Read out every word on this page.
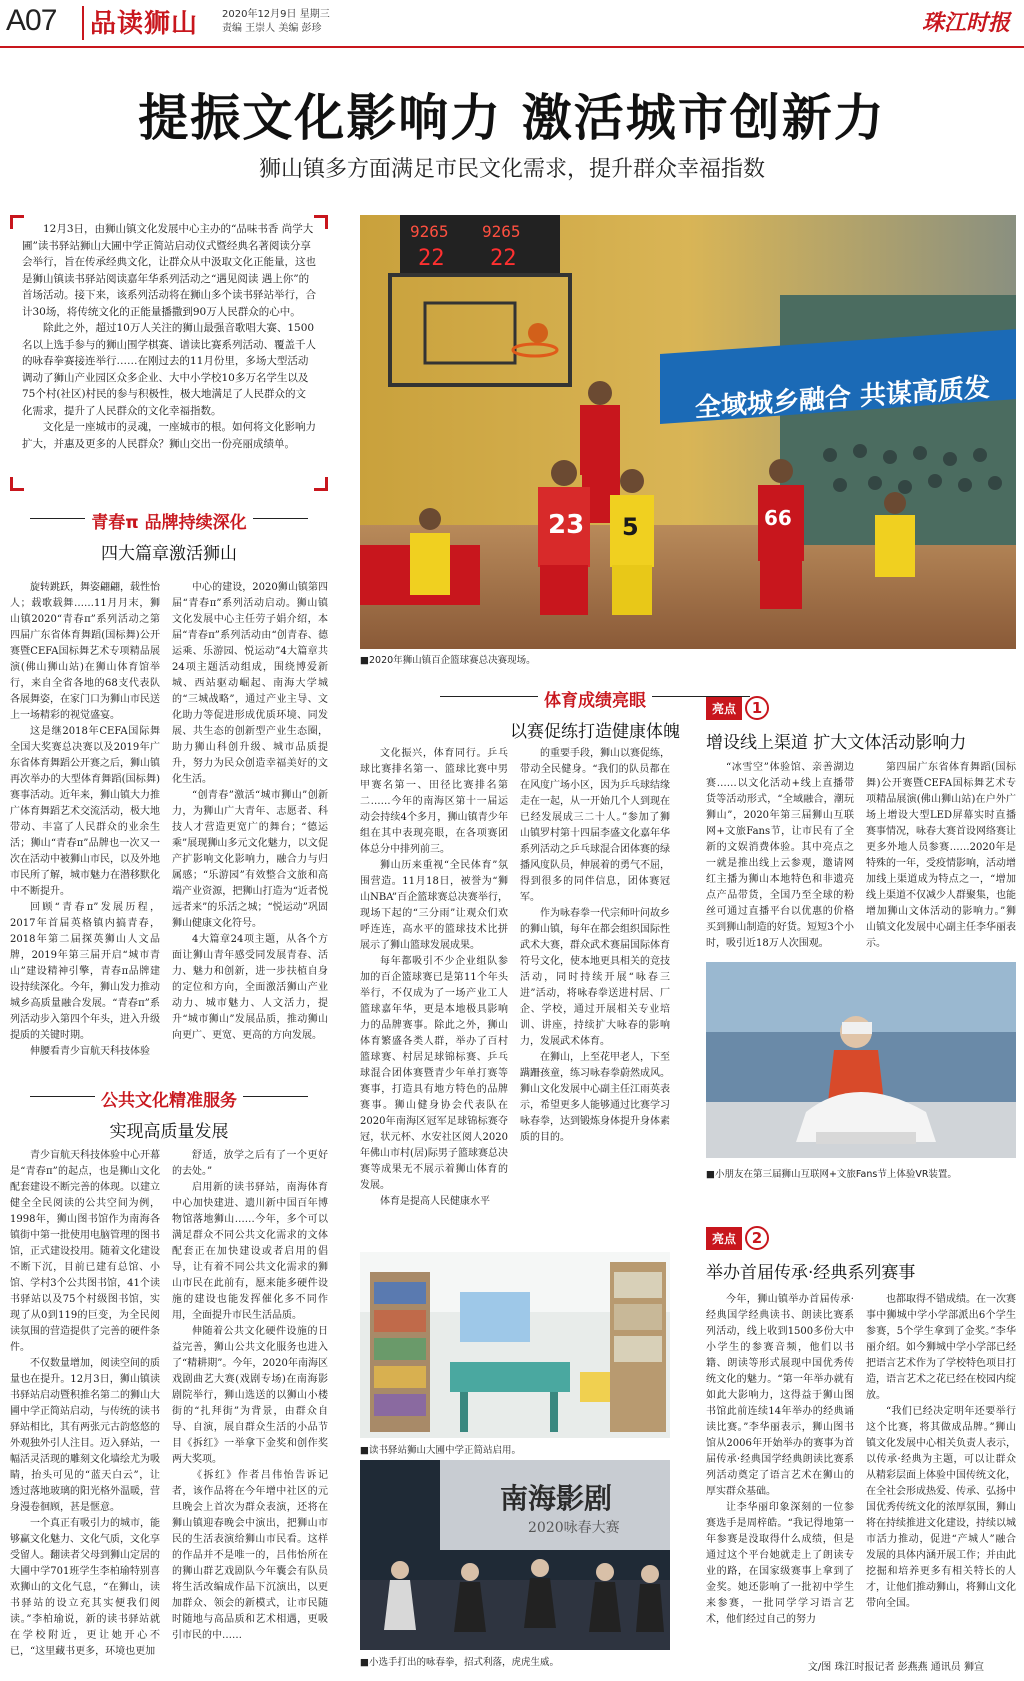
A07 品读狮山 2020年12月9日 星期三
责编 王崇人 美编 彭珍	珠江时报
提振文化影响力 激活城市创新力
狮山镇多方面满足市民文化需求，提升群众幸福指数

12月3日，由狮山镇文化发展中心主办的“品味书香 尚学大圃”读书驿站狮山大圃中学正简站启动仪式暨经典名著阅读分享会举行，旨在传承经典文化，让群众从中汲取文化正能量，这也是狮山镇读书驿站阅读嘉年华系列活动之“遇见阅读 遇上你”的首场活动。接下来，该系列活动将在狮山多个读书驿站举行，合计30场，将传统文化的正能量播撒到90万人民群众的心中。

除此之外，超过10万人关注的狮山最强音歌唱大赛、1500名以上选手参与的狮山围学棋赛、谱读比赛系列活动、覆盖千人的咏春拳赛接连举行……在刚过去的11月份里，多场大型活动调动了狮山产业园区众多企业、大中小学校10多万名学生以及75个村(社区)村民的参与积极性，极大地满足了人民群众的文化需求，提升了人民群众的文化幸福指数。

文化是一座城市的灵魂，一座城市的根。如何将文化影响力扩大，并惠及更多的人民群众？狮山交出一份亮丽成绩单。

青春π 品牌持续深化
四大篇章激活狮山

旋转跳跃，舞姿翩翩，载性怡人；载歌载舞……11月月末，狮山镇2020“青春π”系列活动之第四届广东省体育舞蹈(国标舞)公开赛暨CEFA国标舞艺术专项精品展演(佛山狮山站)在狮山体育馆举行，来自全省各地的68支代表队各展舞姿，在家门口为狮山市民送上一场精彩的视觉盛宴。

这是继2018年CEFA国际舞全国大奖赛总决赛以及2019年广东省体育舞蹈公开赛之后，狮山镇再次举办的大型体育舞蹈(国标舞)赛事活动。近年来，狮山镇大力推广体育舞蹈艺术交流活动，极大地带动、丰富了人民群众的业余生活；狮山“青春π”品牌也一次又一次在活动中被狮山市民，以及外地市民所了解，城市魅力在潜移默化中不断提升。

回顾“青春π”发展历程，2017年首届英格镇内搞青春，2018年第二届探英狮山人文品牌，2019年第三届开启“城市青山”建设精神引擎，青春π品牌建设持续深化。今年，狮山发力推动城乡高质量融合发展。“青春π”系列活动步入第四个年头，进入升级提质的关键时期。

伸腰看青少盲航天科技体验

中心的建设，2020狮山镇第四届“青春π”系列活动启动。狮山镇文化发展中心主任劳子娟介绍，本届“青春π”系列活动由“创青春、德运乘、乐游园、悦运动”4大篇章共24项主题活动组成，围绕博爱新城、西站驱动崛起、南海大学城的“三城战略”，通过产业主导、文化助力等促进形成优质环境、同发展、共生态的创新型产业生态圈，助力狮山科创升级、城市品质提升，努力为民众创造幸福美好的文化生活。

“创青春”激活“城市狮山”创新力，为狮山广大青年、志愿者、科技人才营造更宽广的舞台；“德运乘”展现狮山多元文化魅力，以文促产扩影响文化影响力，融合力与归属感；“乐游园”有效整合文旅和高端产业资源，把狮山打造为“近者悦远者来”的乐活之城；“悦运动”巩固狮山健康文化符号。

4大篇章24项主题，从各个方面让狮山青年感受同发展青春、活力、魅力和创新，进一步扶植自身的定位和方向，全面激活狮山产业动力、城市魅力、人文活力，提升“城市狮山”发展品质，推动狮山向更广、更宽、更高的方向发展。

公共文化精准服务
实现高质量发展

青少盲航天科技体验中心开幕是“青春π”的起点，也是狮山文化配套建设不断完善的体现。以建立健全全民阅读的公共空间为例，1998年，狮山图书馆作为南海各镇街中第一批使用电脑管理的图书馆，正式建设投用。随着文化建设不断下沉，目前已建有总馆、小馆、学村3个公共图书馆，41个读书驿站以及75个村级图书馆，实现了从0到119的巨变，为全民阅读氛围的营造提供了完善的硬件条件。

不仅数量增加，阅读空间的质量也在提升。12月3日，狮山镇读书驿站启动暨积推名第二的狮山大圃中学正简站启动，与传统的读书驿站相比，其有两张元古韵悠悠的外观独外引人注目。迈入驿站，一幅活灵活现的雕刻文化墙绘尤为吸睛，抬头可见的“蓝天白云”，让透过落地玻璃的阳光格外温暖，营身漫卷徊顾，甚是惬意。

一个真正有吸引力的城市，能够赢文化魅力、文化气质，文化享受留人。翻读者父母到狮山定居的大圃中学701班学生李柏瑜特别喜欢狮山的文化气息，“在狮山，读书驿站的设立充其实便我们阅读。”李柏瑜说，新的读书驿站就在学校附近，更让她开心不已，“这里藏书更多，环境也更加

舒适，放学之后有了一个更好的去处。”

启用新的读书驿站，南海体育中心加快建进、遗川新中国百年博物馆落地狮山……今年，多个可以满足群众不同公共文化需求的文体配套正在加快建设或者启用的倡导，让有着不同公共文化需求的狮山市民在此前有，愿来能多硬件设施的建设也能发挥催化多不同作用，全面提升市民生活品质。

伸随着公共文化硬件设施的日益完善，狮山公共文化服务也进入了“精耕期”。今年，2020年南海区戏剧曲艺大赛(戏剧专场)在南海影剧院举行，狮山选送的以狮山小楼街的“扎拜街”为背景，由群众自导、自演，展自群众生活的小品节目《拆红》一举拿下金奖和创作奖两大奖项。

《拆红》作者吕伟怡告诉记者，该作品将在今年增中社区的元旦晚会上首次为群众表演，还将在狮山镇迎春晚会中演出，把狮山市民的生活表演给狮山市民看。这样的作品并不是唯一的，吕伟怡所在的狮山群艺戏剧队今年囊会有队员将生活改编成作品下沉演出，以更加群众、领会的新模式，让市民随时随地与高品质和艺术相遇，更吸引市民的中……

全域城乡融合 共谋高质发
9265 9265
22 22
23 5	66
■2020年狮山镇百企篮球赛总决赛现场。
体育成绩亮眼
以赛促练打造健康体魄

文化振兴，体育同行。乒乓球比赛排名第一、篮球比赛中男甲赛名第一、田径比赛排名第二……今年的南海区第十一届运动会持续4个多月，狮山镇青少年组在其中表现亮眼，在各项赛团体总分中排列前三。

狮山历来重视“全民体育”氛围营造。11月18日，被誉为“狮山NBA”百企篮球赛总决赛举行，现场下起的“三分雨”让观众们欢呼连连，高水平的篮球技术比拼展示了狮山篮球发展成果。

每年都吸引不少企业组队参加的百企篮球赛已是第11个年头举行，不仅成为了一场产业工人篮球嘉年华，更是本地极具影响力的品牌赛事。除此之外，狮山体育繁盛各类人群，举办了百村篮球赛、村居足球锦标赛、乒乓球混合团体赛暨青少年单打赛等赛事，打造具有地方特色的品牌赛事。狮山健身协会代表队在2020年南海区冠军足球锦标赛夺冠，状元杯、水安社区阅人2020年佛山市村(居)际男子篮球赛总决赛等成果无不展示着狮山体育的发展。

体育是提高人民健康水平

的重要手段，狮山以赛促练，带动全民健身。“我们的队员都在在风度广场小区，因为乒乓球结缘走在一起，从一开始几个人到现在已经发展成三二十人。”参加了狮山镇罗村第十四届李盛文化嘉年华系列活动之乒乓球混合团体赛的绿播风度队员，伸展着的勇气不屈，得到很多的同伴信息，团体赛冠军。

作为咏春拳一代宗师叶问故乡的狮山镇，每年在都会组织国际性武术大赛，群众武术赛届国际体育符号文化，使本地更具相关的竞技活动，同时持续开展“咏春三进”活动，将咏春拳送进村居、厂企、学校，通过开展相关专业培训、讲座，持续扩大咏春的影响力，发展武术体育。

在狮山，上至花甲老人，下至蹒跚孩童，练习咏春拳蔚然成风。狮山文化发展中心副主任江雨英表示，希望更多人能够通过比赛学习咏春拳，达到锻炼身体提升身体素质的目的。

■读书驿站狮山大圃中学正简站启用。
南海影剧
2020咏春大赛
■小选手打出的咏春拳，招式利落，虎虎生威。
亮点 1
增设线上渠道 扩大文体活动影响力

“冰雪空”体验馆、亲善湖边赛……以文化活动+线上直播带货等活动形式，“全域融合，潮玩狮山”，2020年第三届狮山互联网+文旅Fans节，让市民有了全新的文娱消费体验。其中亮点之一就是推出线上云参观，邀请网红主播为狮山本地特色和非遗亮点产品带货，全国乃至全球的粉丝可通过直播平台以优惠的价格买到狮山制造的好货。短短3个小时，吸引近18万人次围观。

第四届广东省体育舞蹈(国标舞)公开赛暨CEFA国标舞艺术专项精品展演(佛山狮山站)在户外广场上增设大型LED屏幕实时直播赛事情况，咏春大赛首设网络赛让更多外地人员参赛……2020年是特殊的一年，受疫情影响，活动增加线上渠道成为特点之一，“增加线上渠道不仅减少人群聚集，也能增加狮山文体活动的影响力。”狮山镇文化发展中心副主任李华丽表示。

■小朋友在第三届狮山互联网+文旅Fans节上体验VR装置。
亮点 2
举办首届传承·经典系列赛事

今年，狮山镇举办首届传承·经典国学经典读书、朗读比赛系列活动，线上收到1500多份大中小学生的参赛音频，他们以书籍、朗读等形式展现中国优秀传统文化的魅力。“第一年举办就有如此大影响力，这得益于狮山图书馆此前连续14年举办的经典诵读比赛。”李华丽表示，狮山图书馆从2006年开始举办的赛事为首届传承·经典国学经典朗读比赛系列活动奠定了语言艺术在狮山的厚实群众基础。

让李华丽印象深刻的一位参赛选手是周梓皓。“我记得地第一年参赛是没取得什么成绩，但是通过这个平台她就走上了朗读专业的路，在国家级赛事上拿到了金奖。她还影响了一批初中学生来参赛，一批同学学习语言艺术，他们经过自己的努力

也都取得不错成绩。在一次赛事中狮城中学小学部派出6个学生参赛，5个学生拿到了金奖。”李华丽介绍。如今狮城中学小学部已经把语言艺术作为了学校特色项目打造，语言艺术之花已经在校园内绽放。

“我们已经决定明年还要举行这个比赛，将其做成品牌。”狮山镇文化发展中心相关负责人表示，以传承·经典为主题，可以让群众从精彩层面上体验中国传统文化，在全社会形成热爱、传承、弘扬中国优秀传统文化的浓厚氛围，狮山将在持续推进文化建设，持续以城市活力推动，促进“产城人”融合发展的具体内涵开展工作；并由此挖掘和培养更多有相关特长的人才，让他们推动狮山，将狮山文化带向全国。

文/图 珠江时报记者 彭燕燕 通讯员 狮宣
